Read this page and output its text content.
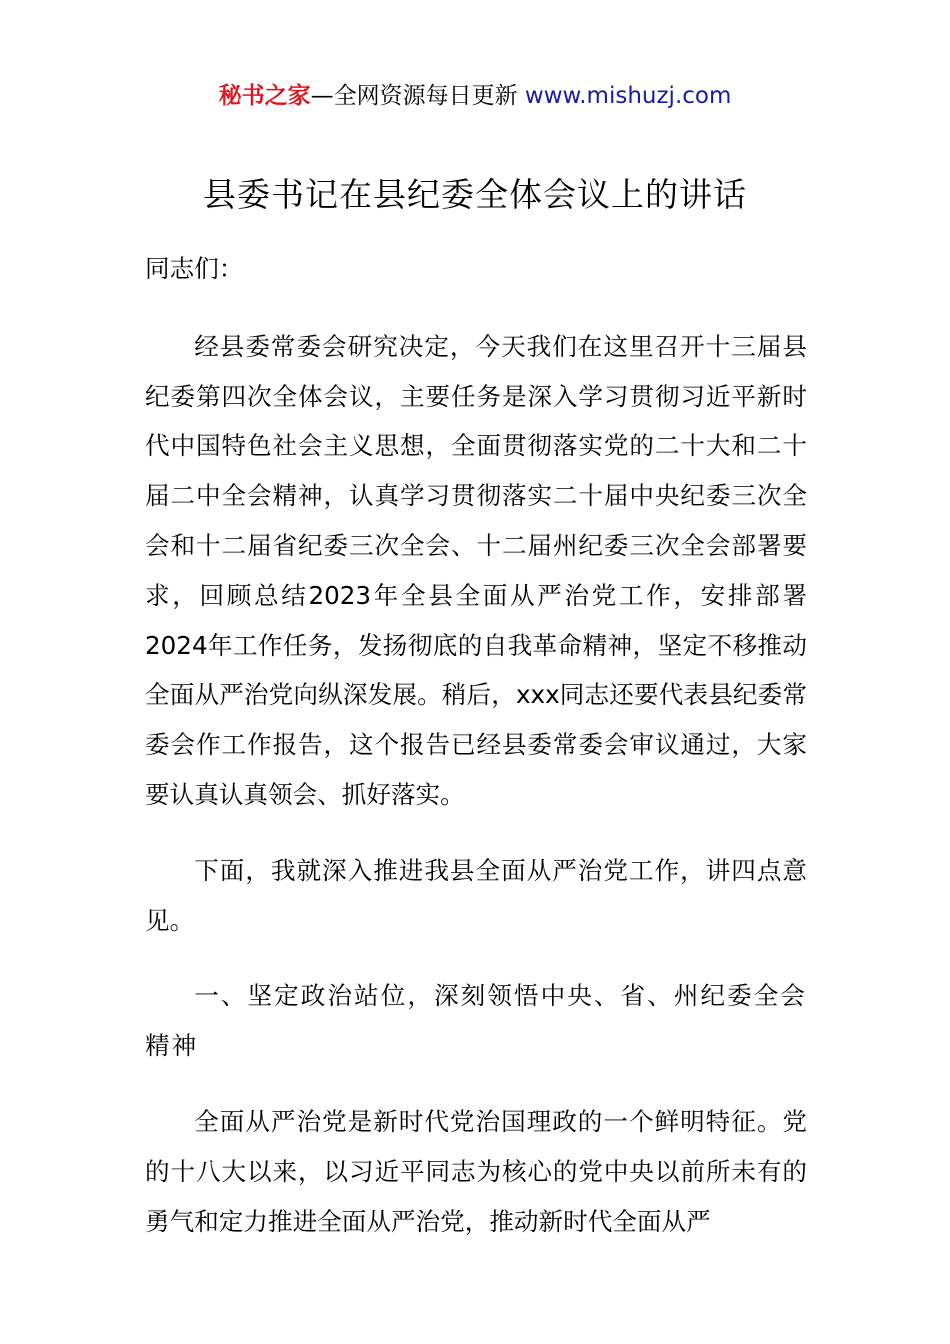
秘书之家—全网资源每日更新 www.mishuzj.com
县委书记在县纪委全体会议上的讲话

同志们：

经县委常委会研究决定，今天我们在这里召开十三届县纪委第四次全体会议，主要任务是深入学习贯彻习近平新时代中国特色社会主义思想，全面贯彻落实党的二十大和二十届二中全会精神，认真学习贯彻落实二十届中央纪委三次全会和十二届省纪委三次全会、十二届州纪委三次全会部署要求，回顾总结2023年全县全面从严治党工作，安排部署2024年工作任务，发扬彻底的自我革命精神，坚定不移推动全面从严治党向纵深发展。稍后，xxx同志还要代表县纪委常委会作工作报告，这个报告已经县委常委会审议通过，大家要认真认真领会、抓好落实。

下面，我就深入推进我县全面从严治党工作，讲四点意见。

一、坚定政治站位，深刻领悟中央、省、州纪委全会精神

全面从严治党是新时代党治国理政的一个鲜明特征。党的十八大以来，以习近平同志为核心的党中央以前所未有的勇气和定力推进全面从严治党，推动新时代全面从严
